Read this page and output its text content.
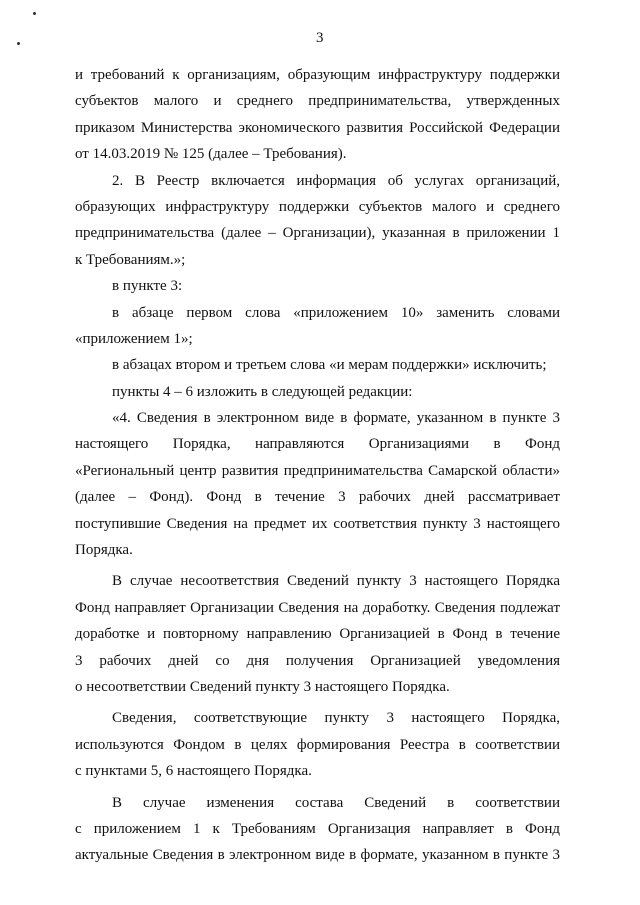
3
и требований к организациям, образующим инфраструктуру поддержки
субъектов малого и среднего предпринимательства, утвержденных
приказом Министерства экономического развития Российской Федерации
от 14.03.2019 № 125 (далее – Требования).
2. В Реестр включается информация об услугах организаций,
образующих инфраструктуру поддержки субъектов малого и среднего
предпринимательства (далее – Организации), указанная в приложении 1
к Требованиям.»;
в пункте 3:
в абзаце первом слова «приложением 10» заменить словами
«приложением 1»;
в абзацах втором и третьем слова «и мерам поддержки» исключить;
пункты 4 – 6 изложить в следующей редакции:
«4. Сведения в электронном виде в формате, указанном в пункте 3
настоящего Порядка, направляются Организациями в Фонд
«Региональный центр развития предпринимательства Самарской области»
(далее – Фонд). Фонд в течение 3 рабочих дней рассматривает
поступившие Сведения на предмет их соответствия пункту 3 настоящего
Порядка.
В случае несоответствия Сведений пункту 3 настоящего Порядка
Фонд направляет Организации Сведения на доработку. Сведения подлежат
доработке и повторному направлению Организацией в Фонд в течение
3 рабочих дней со дня получения Организацией уведомления
о несоответствии Сведений пункту 3 настоящего Порядка.
Сведения, соответствующие пункту 3 настоящего Порядка,
используются Фондом в целях формирования Реестра в соответствии
с пунктами 5, 6 настоящего Порядка.
В случае изменения состава Сведений в соответствии
с приложением 1 к Требованиям Организация направляет в Фонд
актуальные Сведения в электронном виде в формате, указанном в пункте 3
